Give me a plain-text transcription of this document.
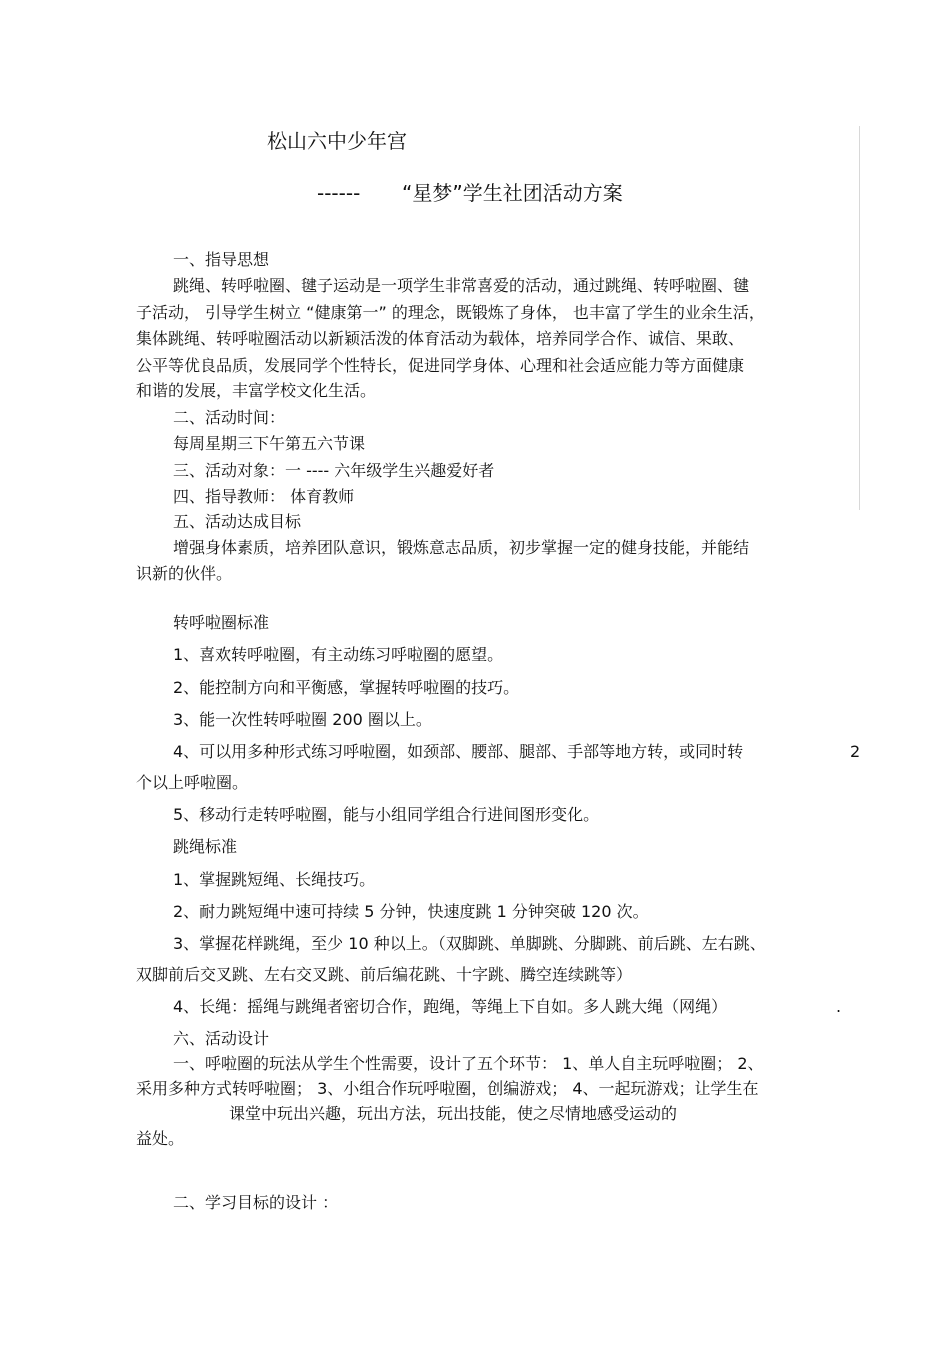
松山六中少年宫
------ “星梦”学生社团活动方案
一、指导思想
跳绳、转呼啦圈、毽子运动是一项学生非常喜爱的活动，通过跳绳、转呼啦圈、毽
子活动， 引导学生树立 “健康第一” 的理念，既锻炼了身体， 也丰富了学生的业余生活，
集体跳绳、转呼啦圈活动以新颖活泼的体育活动为载体，培养同学合作、诚信、果敢、
公平等优良品质，发展同学个性特长，促进同学身体、心理和社会适应能力等方面健康
和谐的发展，丰富学校文化生活。
二、活动时间：
每周星期三下午第五六节课
三、活动对象：一 ---- 六年级学生兴趣爱好者
四、指导教师： 体育教师
五、活动达成目标
增强身体素质，培养团队意识，锻炼意志品质，初步掌握一定的健身技能，并能结
识新的伙伴。
转呼啦圈标准
1、喜欢转呼啦圈，有主动练习呼啦圈的愿望。
2、能控制方向和平衡感，掌握转呼啦圈的技巧。
3、能一次性转呼啦圈 200 圈以上。
4、可以用多种形式练习呼啦圈，如颈部、腰部、腿部、手部等地方转，或同时转	2
个以上呼啦圈。
5、移动行走转呼啦圈，能与小组同学组合行进间图形变化。
跳绳标准
1、掌握跳短绳、长绳技巧。
2、耐力跳短绳中速可持续 5 分钟，快速度跳 1 分钟突破 120 次。
3、掌握花样跳绳，至少 10 种以上。（双脚跳、单脚跳、分脚跳、前后跳、左右跳、
双脚前后交叉跳、左右交叉跳、前后编花跳、十字跳、腾空连续跳等）
4、长绳：摇绳与跳绳者密切合作，跑绳，等绳上下自如。多人跳大绳（网绳）	.
六、活动设计
一、呼啦圈的玩法从学生个性需要，设计了五个环节： 1、单人自主玩呼啦圈； 2、
采用多种方式转呼啦圈； 3、小组合作玩呼啦圈，创编游戏； 4、一起玩游戏；让学生在
课堂中玩出兴趣，玩出方法，玩出技能，使之尽情地感受运动的
益处。
二、学习目标的设计 ：
